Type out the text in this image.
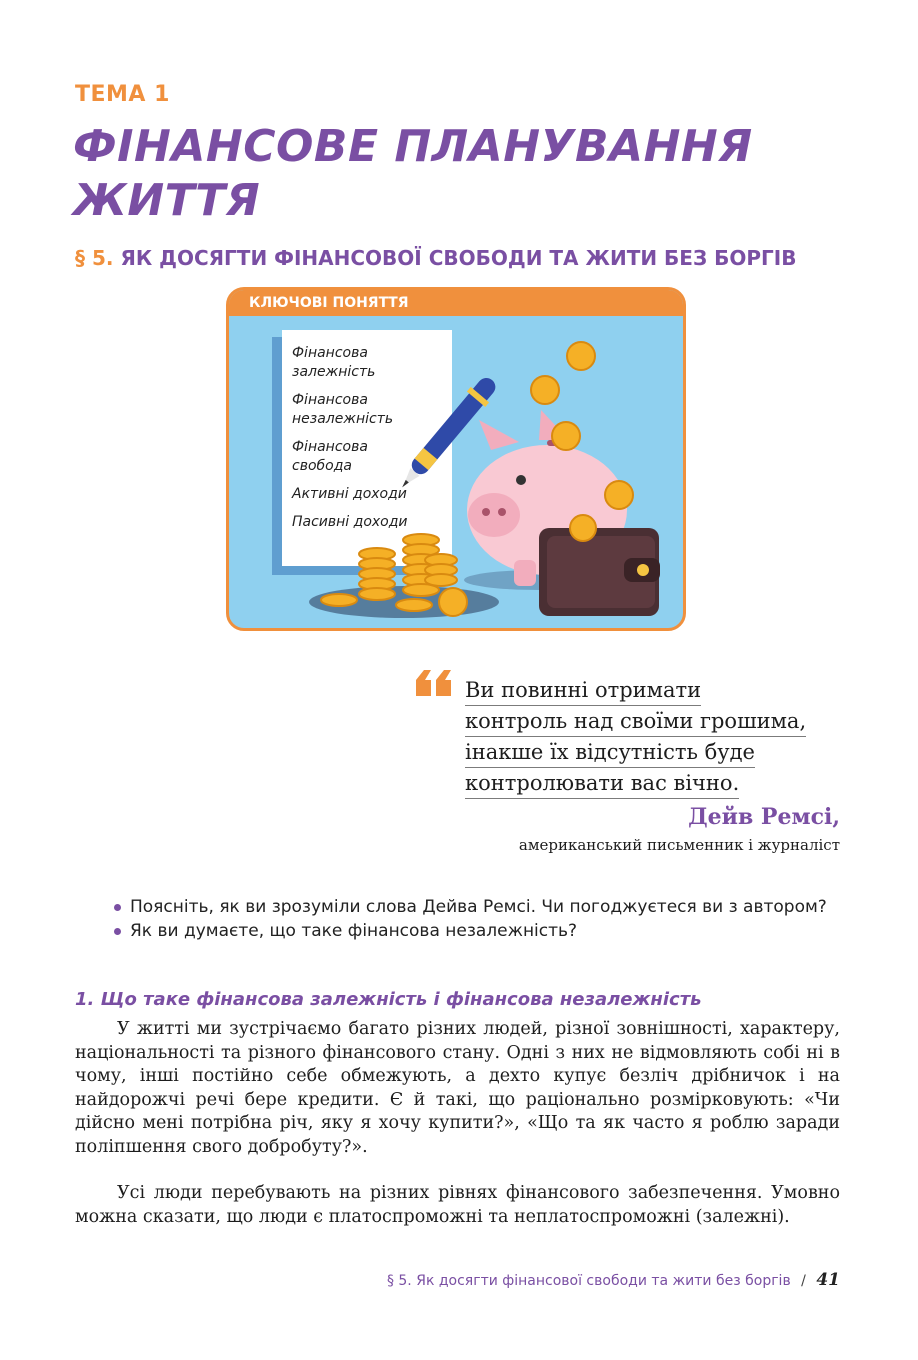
ТЕМА 1
ФІНАНСОВЕ ПЛАНУВАННЯ
ЖИТТЯ
§ 5. ЯК ДОСЯГТИ ФІНАНСОВОЇ СВОБОДИ ТА ЖИТИ БЕЗ БОРГІВ
Фінансова залежність
Фінансова незалежність
Фінансова свобода
Активні доходи
Пасивні доходи
КЛЮЧОВІ ПОНЯТТЯ
Ви повинні отримати
контроль над своїми грошима,
інакше їх відсутність буде
контролювати вас вічно.
Дейв Ремсі,
американський письменник і журналіст
Поясніть, як ви зрозуміли слова Дейва Ремсі. Чи погоджуєтеся ви з автором?
Як ви думаєте, що таке фінансова незалежність?
1. Що таке фінансова залежність і фінансова незалежність

У житті ми зустрічаємо багато різних людей, різної зовнішності, характеру, національності та різного фінансового стану. Одні з них не відмовляють собі ні в чому, інші постійно себе обмежують, а дехто купує безліч дрібничок і на найдорожчі речі бере кредити. Є й такі, що раціонально розмірковують: «Чи дійсно мені потрібна річ, яку я хочу купити?», «Що та як часто я роблю заради поліпшення свого добробуту?».

Усі люди перебувають на різних рівнях фінансового забезпечення. Умовно можна сказати, що люди є платоспроможні та неплатоспроможні (залежні).

§ 5. Як досягти фінансової свободи та жити без боргів / 41
